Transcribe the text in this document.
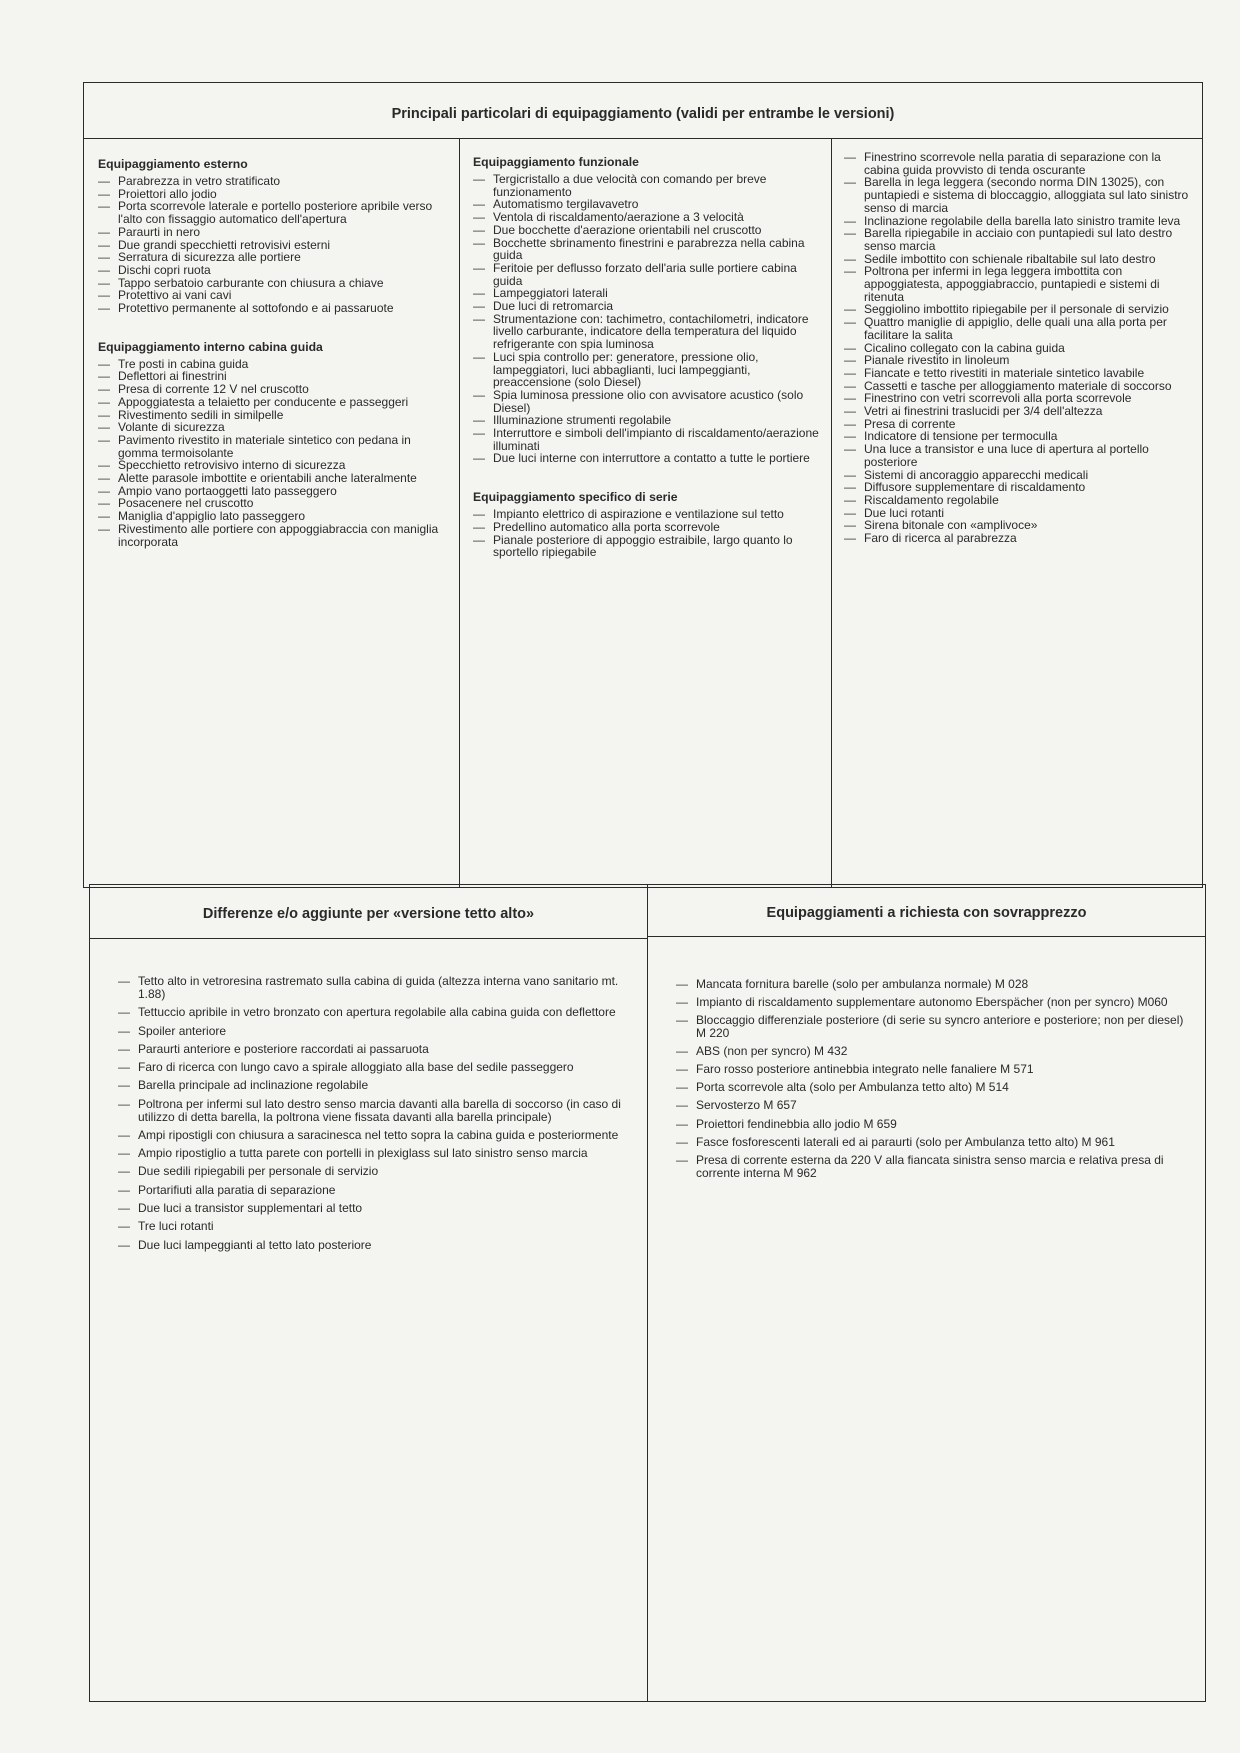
Principali particolari di equipaggiamento (validi per entrambe le versioni)
Equipaggiamento esterno
— Parabrezza in vetro stratificato
— Proiettori allo jodio
— Porta scorrevole laterale e portello posteriore apribile verso l'alto con fissaggio automatico dell'apertura
— Paraurti in nero
— Due grandi specchietti retrovisivi esterni
— Serratura di sicurezza alle portiere
— Dischi copri ruota
— Tappo serbatoio carburante con chiusura a chiave
— Protettivo ai vani cavi
— Protettivo permanente al sottofondo e ai passaruote
Equipaggiamento interno cabina guida
— Tre posti in cabina guida
— Deflettori ai finestrini
— Presa di corrente 12 V nel cruscotto
— Appoggiatesta a telaietto per conducente e passeggeri
— Rivestimento sedili in similpelle
— Volante di sicurezza
— Pavimento rivestito in materiale sintetico con pedana in gomma termoisolante
— Specchietto retrovisivo interno di sicurezza
— Alette parasole imbottite e orientabili anche lateralmente
— Ampio vano portaoggetti lato passeggero
— Posacenere nel cruscotto
— Maniglia d'appiglio lato passeggero
— Rivestimento alle portiere con appoggiabraccia con maniglia incorporata
Equipaggiamento funzionale
— Tergicristallo a due velocità con comando per breve funzionamento
— Automatismo tergilavavetro
— Ventola di riscaldamento/aerazione a 3 velocità
— Due bocchette d'aerazione orientabili nel cruscotto
— Bocchette sbrinamento finestrini e parabrezza nella cabina guida
— Feritoie per deflusso forzato dell'aria sulle portiere cabina guida
— Lampeggiatori laterali
— Due luci di retromarcia
— Strumentazione con: tachimetro, contachilometri, indicatore livello carburante, indicatore della temperatura del liquido refrigerante con spia luminosa
— Luci spia controllo per: generatore, pressione olio, lampeggiatori, luci abbaglianti, luci lampeggianti, preaccensione (solo Diesel)
— Spia luminosa pressione olio con avvisatore acustico (solo Diesel)
— Illuminazione strumenti regolabile
— Interruttore e simboli dell'impianto di riscaldamento/aerazione illuminati
— Due luci interne con interruttore a contatto a tutte le portiere
Equipaggiamento specifico di serie
— Impianto elettrico di aspirazione e ventilazione sul tetto
— Predellino automatico alla porta scorrevole
— Pianale posteriore di appoggio estraibile, largo quanto lo sportello ripiegabile
— Finestrino scorrevole nella paratia di separazione con la cabina guida provvisto di tenda oscurante
— Barella in lega leggera (secondo norma DIN 13025), con puntapiedi e sistema di bloccaggio, alloggiata sul lato sinistro senso di marcia
— Inclinazione regolabile della barella lato sinistro tramite leva
— Barella ripiegabile in acciaio con puntapiedi sul lato destro senso marcia
— Sedile imbottito con schienale ribaltabile sul lato destro
— Poltrona per infermi in lega leggera imbottita con appoggiatesta, appoggiabraccio, puntapiedi e sistemi di ritenuta
— Seggiolino imbottito ripiegabile per il personale di servizio
— Quattro maniglie di appiglio, delle quali una alla porta per facilitare la salita
— Cicalino collegato con la cabina guida
— Pianale rivestito in linoleum
— Fiancate e tetto rivestiti in materiale sintetico lavabile
— Cassetti e tasche per alloggiamento materiale di soccorso
— Finestrino con vetri scorrevoli alla porta scorrevole
— Vetri ai finestrini traslucidi per 3/4 dell'altezza
— Presa di corrente
— Indicatore di tensione per termoculla
— Una luce a transistor e una luce di apertura al portello posteriore
— Sistemi di ancoraggio apparecchi medicali
— Diffusore supplementare di riscaldamento
— Riscaldamento regolabile
— Due luci rotanti
— Sirena bitonale con «amplivoce»
— Faro di ricerca al parabrezza
Differenze e/o aggiunte per «versione tetto alto»
— Tetto alto in vetroresina rastremato sulla cabina di guida (altezza interna vano sanitario mt. 1.88)
— Tettuccio apribile in vetro bronzato con apertura regolabile alla cabina guida con deflettore
— Spoiler anteriore
— Paraurti anteriore e posteriore raccordati ai passaruota
— Faro di ricerca con lungo cavo a spirale alloggiato alla base del sedile passeggero
— Barella principale ad inclinazione regolabile
— Poltrona per infermi sul lato destro senso marcia davanti alla barella di soccorso (in caso di utilizzo di detta barella, la poltrona viene fissata davanti alla barella principale)
— Ampi ripostigli con chiusura a saracinesca nel tetto sopra la cabina guida e posteriormente
— Ampio ripostiglio a tutta parete con portelli in plexiglass sul lato sinistro senso marcia
— Due sedili ripiegabili per personale di servizio
— Portarifiuti alla paratia di separazione
— Due luci a transistor supplementari al tetto
— Tre luci rotanti
— Due luci lampeggianti al tetto lato posteriore
Equipaggiamenti a richiesta con sovrapprezzo
— Mancata fornitura barelle (solo per ambulanza normale) M 028
— Impianto di riscaldamento supplementare autonomo Eberspächer (non per syncro) M060
— Bloccaggio differenziale posteriore (di serie su syncro anteriore e posteriore; non per diesel) M 220
— ABS (non per syncro) M 432
— Faro rosso posteriore antinebbia integrato nelle fanaliere M 571
— Porta scorrevole alta (solo per Ambulanza tetto alto) M 514
— Servosterzo M 657
— Proiettori fendinebbia allo jodio M 659
— Fasce fosforescenti laterali ed ai paraurti (solo per Ambulanza tetto alto) M 961
— Presa di corrente esterna da 220 V alla fiancata sinistra senso marcia e relativa presa di corrente interna M 962
